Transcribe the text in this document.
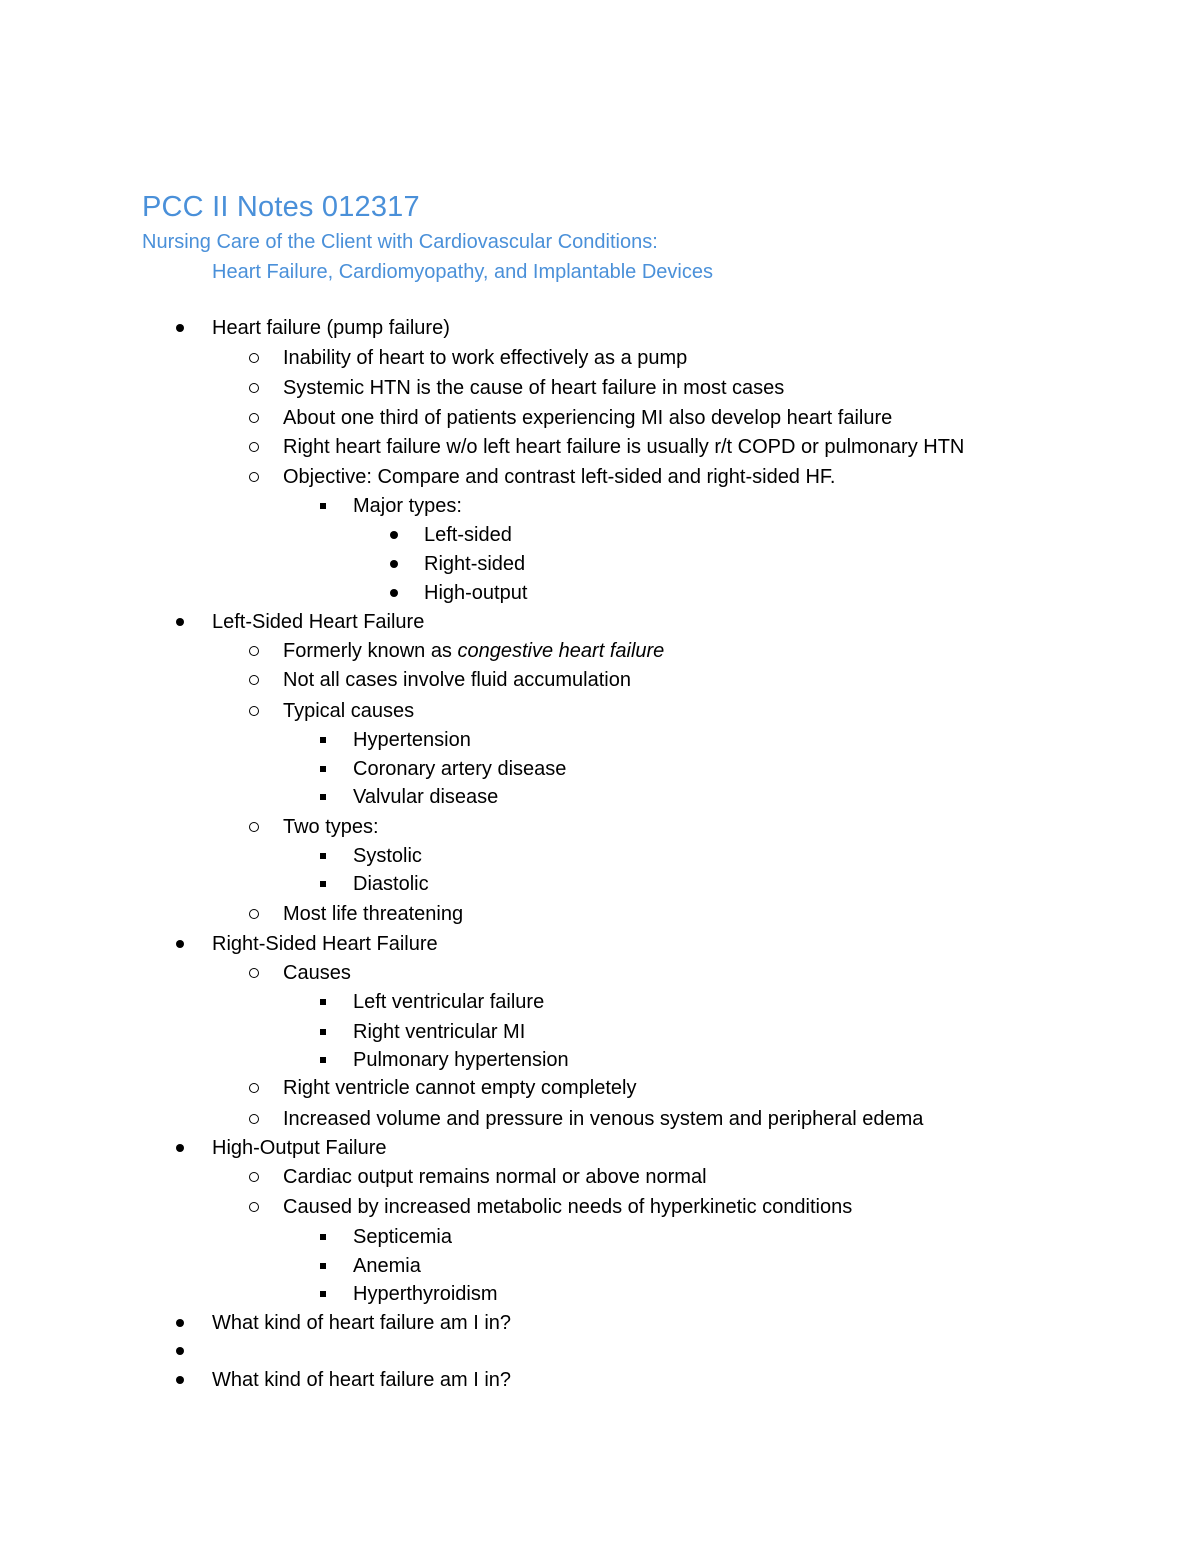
PCC II Notes 012317
Nursing Care of the Client with Cardiovascular Conditions:
Heart Failure, Cardiomyopathy, and Implantable Devices
Heart failure (pump failure)
Inability of heart to work effectively as a pump
Systemic HTN is the cause of heart failure in most cases
About one third of patients experiencing MI also develop heart failure
Right heart failure w/o left heart failure is usually r/t COPD or pulmonary HTN
Objective: Compare and contrast left-sided and right-sided HF.
Major types:
Left-sided
Right-sided
High-output
Left-Sided Heart Failure
Formerly known as congestive heart failure
Not all cases involve fluid accumulation
Typical causes
Hypertension
Coronary artery disease
Valvular disease
Two types:
Systolic
Diastolic
Most life threatening
Right-Sided Heart Failure
Causes
Left ventricular failure
Right ventricular MI
Pulmonary hypertension
Right ventricle cannot empty completely
Increased volume and pressure in venous system and peripheral edema
High-Output Failure
Cardiac output remains normal or above normal
Caused by increased metabolic needs of hyperkinetic conditions
Septicemia
Anemia
Hyperthyroidism
What kind of heart failure am I in?
What kind of heart failure am I in?
